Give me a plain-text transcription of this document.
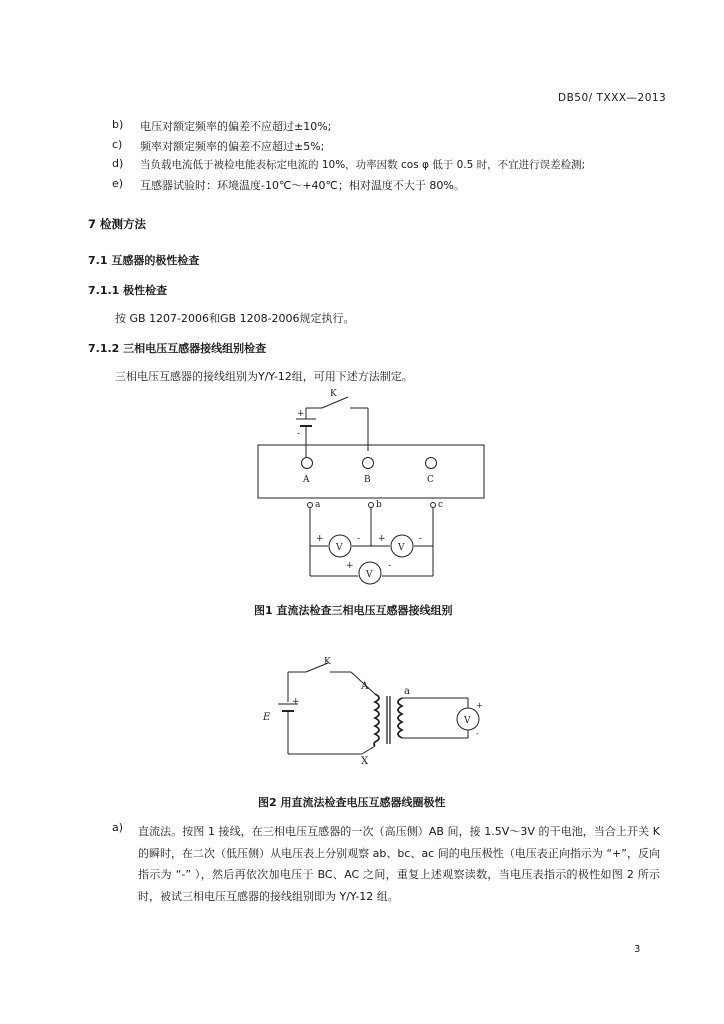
DB50/ TXXX—2013
b) 电压对额定频率的偏差不应超过±10%;
c) 频率对额定频率的偏差不应超过±5%;
d) 当负载电流低于被检电能表标定电流的 10%，功率因数 cos φ 低于 0.5 时，不宜进行误差检测;
e) 互感器试验时：环境温度-10℃～+40℃；相对温度不大于 80%。
7 检测方法
7.1 互感器的极性检查
7.1.1 极性检查
按 GB 1207-2006和GB 1208-2006规定执行。
7.1.2 三相电压互感器接线组别检查
三相电压互感器的接线组别为Y/Y-12组，可用下述方法制定。
+
-
K
A	B	C
a	b	c
V	V
V
+	- +	-
+	-
图1 直流法检查三相电压互感器接线组别
K
E
+
A
X
a
V
+
-
图2 用直流法检查电压互感器线圈极性
a) 直流法。按图 1 接线，在三相电压互感器的一次（高压侧）AB 间，接 1.5V～3V 的干电池，当合上开关 K 的瞬时，在二次（低压侧）从电压表上分别观察 ab、bc、ac 间的电压极性（电压表正向指示为 “+”，反向指示为 “-” ），然后再依次加电压于 BC、AC 之间，重复上述观察读数，当电压表指示的极性如图 2 所示时，被试三相电压互感器的接线组别即为 Y/Y-12 组。
3
